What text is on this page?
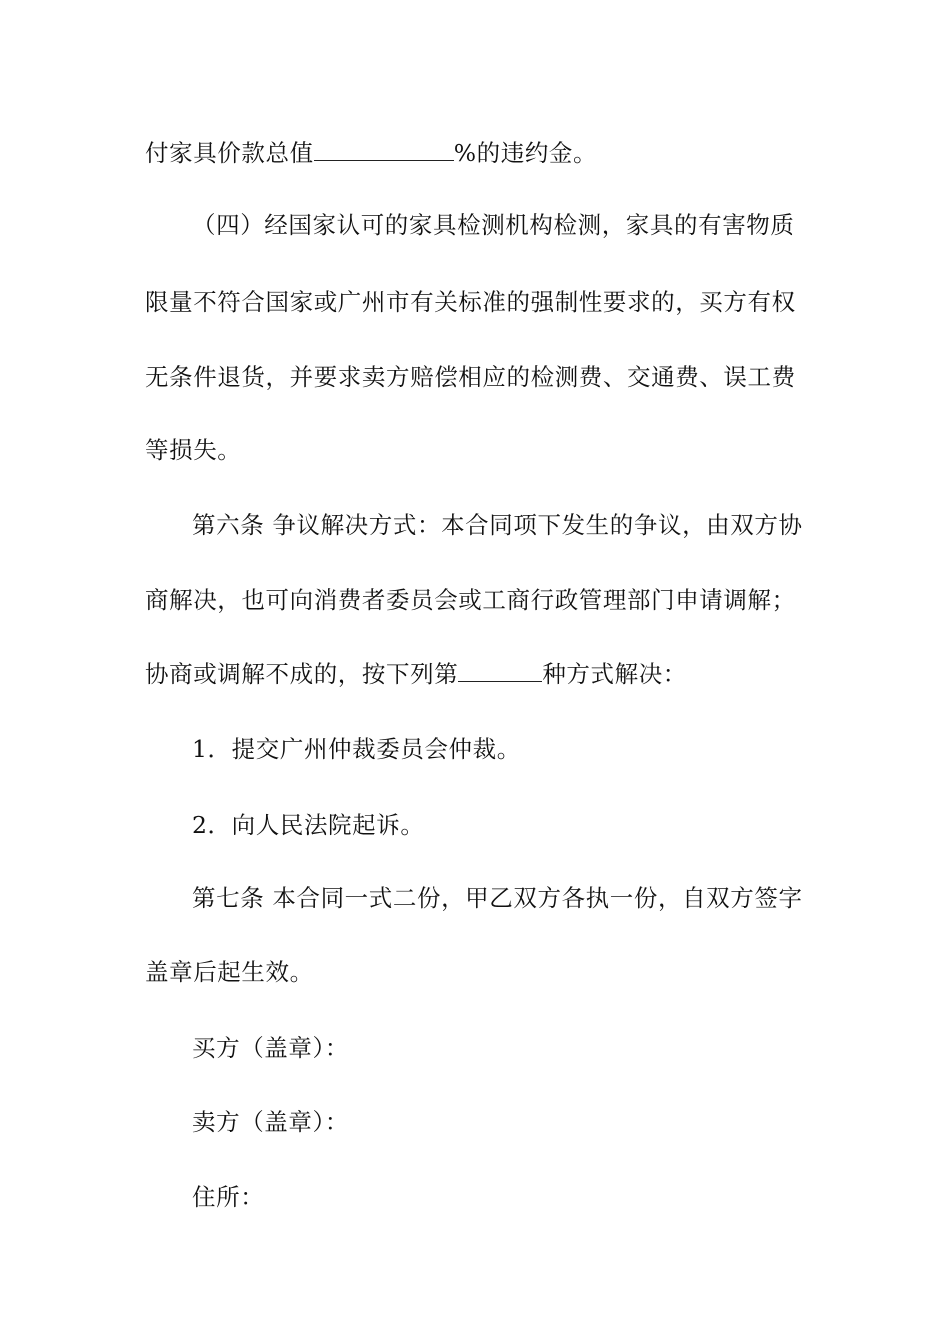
付家具价款总值	%的违约金。
（四）经国家认可的家具检测机构检测，家具的有害物质
限量不符合国家或广州市有关标准的强制性要求的，买方有权
无条件退货，并要求卖方赔偿相应的检测费、交通费、误工费
等损失。
第六条 争议解决方式：本合同项下发生的争议，由双方协
商解决，也可向消费者委员会或工商行政管理部门申请调解；
协商或调解不成的，按下列第	种方式解决：
1．提交广州仲裁委员会仲裁。
2．向人民法院起诉。
第七条 本合同一式二份，甲乙双方各执一份，自双方签字
盖章后起生效。
买方（盖章）：
卖方（盖章）：
住所：
